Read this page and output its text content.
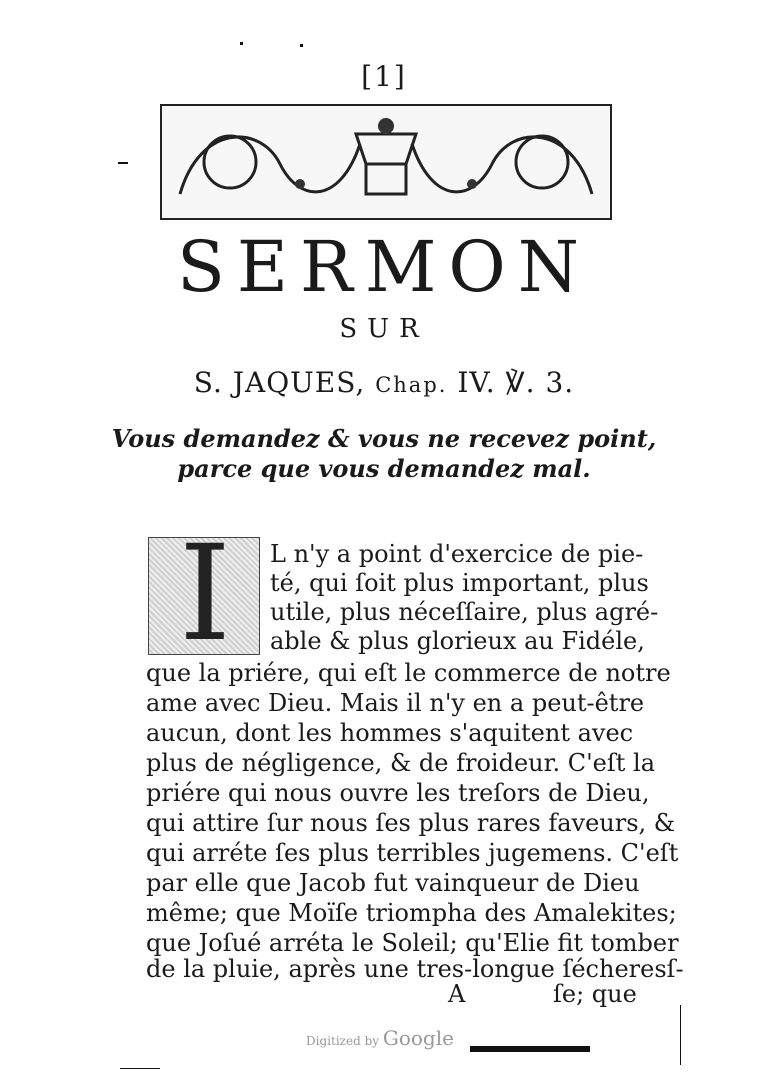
[1]
SERMON
SUR
S. JAQUES, Chap. IV. ℣. 3.
Vous demandez & vous ne recevez point,
parce que vous demandez mal.
I	L n'y a point d'exercice de pie-
té, qui ſoit plus important, plus
utile, plus néceſſaire, plus agré-
able & plus glorieux au Fidéle,
que la priére, qui eſt le commerce de notre
ame avec Dieu. Mais il n'y en a peut-être
aucun, dont les hommes s'aquitent avec
plus de négligence, & de froideur. C'eſt la
priére qui nous ouvre les treſors de Dieu,
qui attire ſur nous ſes plus rares faveurs, &
qui arréte ſes plus terribles jugemens. C'eſt
par elle que Jacob fut vainqueur de Dieu
même; que Moïſe triompha des Amalekites;
que Joſué arréta le Soleil; qu'Elie fit tomber
de la pluie, après une tres-longue ſécheresſ-
A	ſe; que
Digitized by Google
